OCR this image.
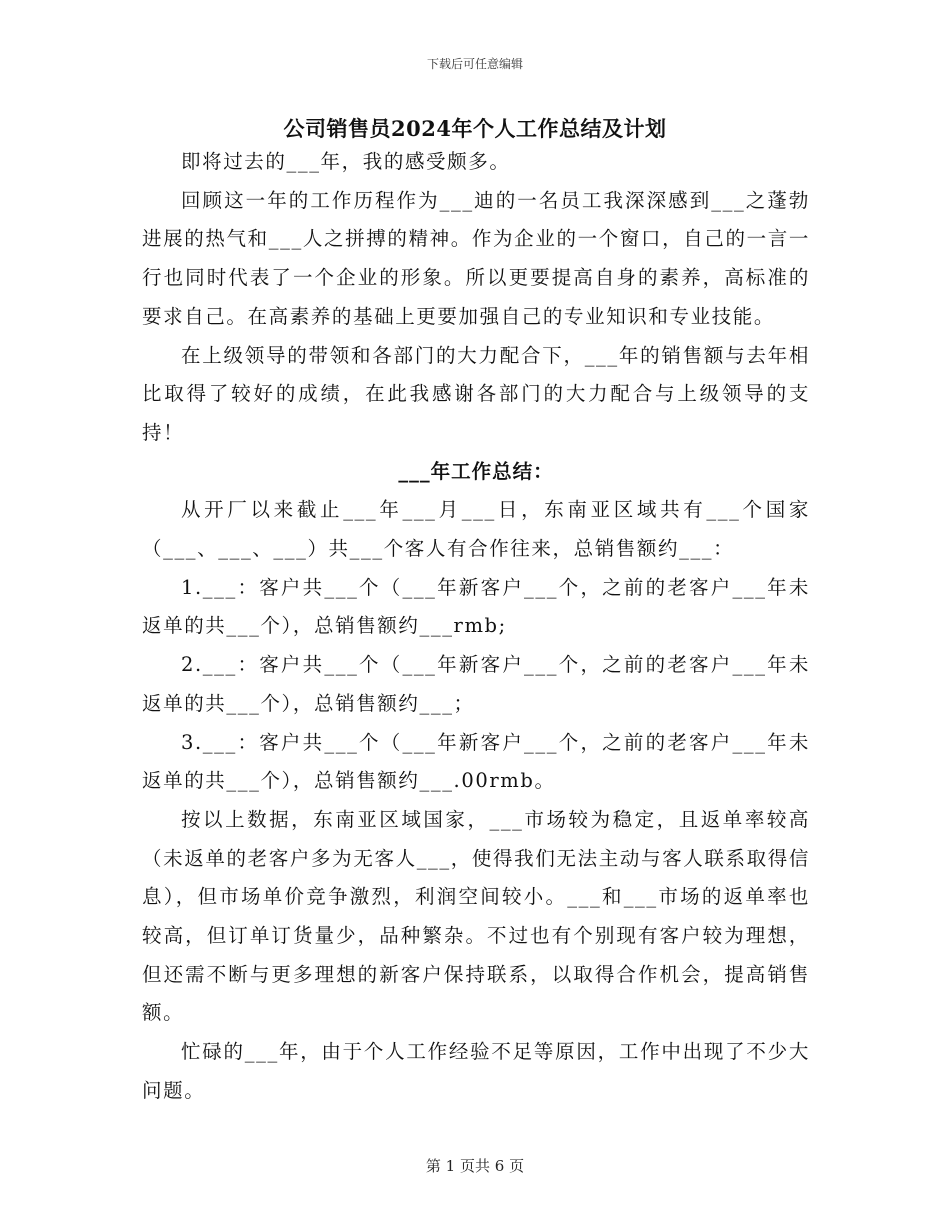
下载后可任意编辑
公司销售员2024年个人工作总结及计划

即将过去的___年，我的感受颇多。

回顾这一年的工作历程作为___迪的一名员工我深深感到___之蓬勃进展的热气和___人之拼搏的精神。作为企业的一个窗口，自己的一言一行也同时代表了一个企业的形象。所以更要提高自身的素养，高标准的要求自己。在高素养的基础上更要加强自己的专业知识和专业技能。

在上级领导的带领和各部门的大力配合下，___年的销售额与去年相比取得了较好的成绩，在此我感谢各部门的大力配合与上级领导的支持！

___年工作总结：

从开厂以来截止___年___月___日，东南亚区域共有___个国家（___、___、___）共___个客人有合作往来，总销售额约___：

1.___：客户共___个（___年新客户___个，之前的老客户___年未返单的共___个），总销售额约___rmb;

2.___：客户共___个（___年新客户___个，之前的老客户___年未返单的共___个），总销售额约___；

3.___：客户共___个（___年新客户___个，之前的老客户___年未返单的共___个），总销售额约___.00rmb。

按以上数据，东南亚区域国家，___市场较为稳定，且返单率较高（未返单的老客户多为无客人___，使得我们无法主动与客人联系取得信息），但市场单价竞争激烈，利润空间较小。___和___市场的返单率也较高，但订单订货量少，品种繁杂。不过也有个别现有客户较为理想，但还需不断与更多理想的新客户保持联系，以取得合作机会，提高销售额。

忙碌的___年，由于个人工作经验不足等原因，工作中出现了不少大问题。

第 1 页共 6 页
